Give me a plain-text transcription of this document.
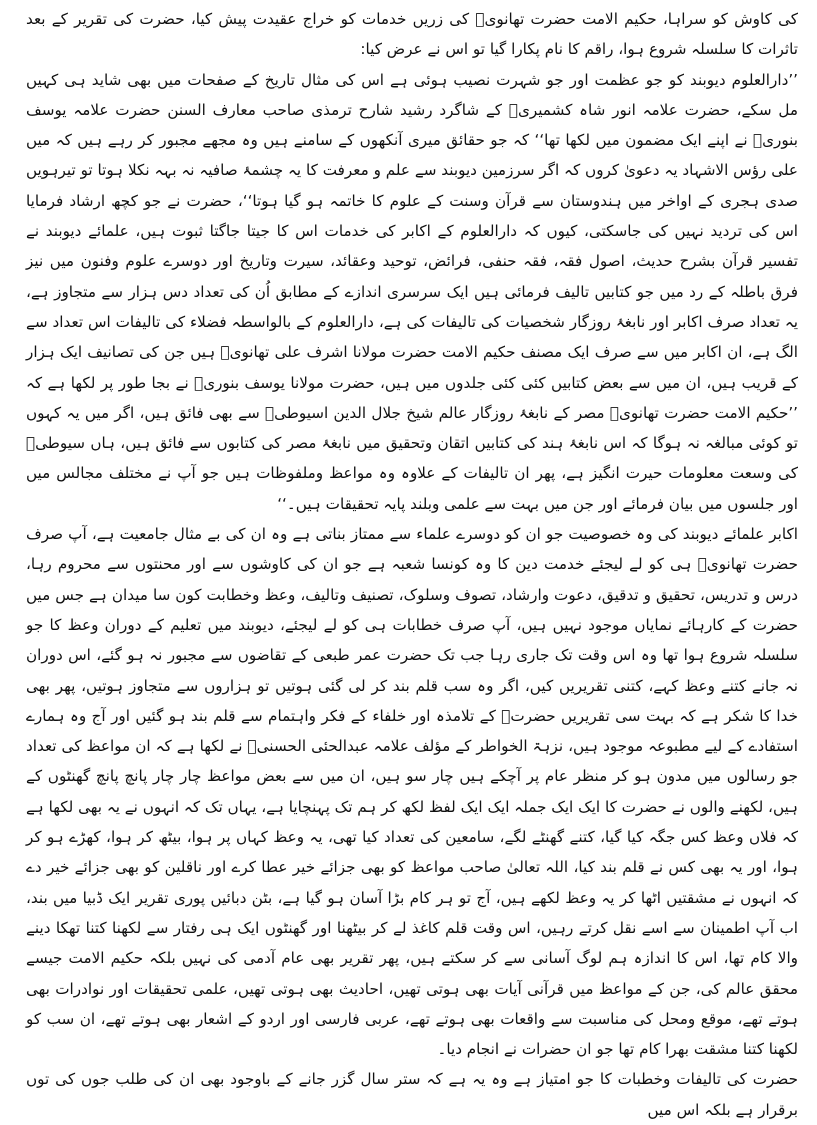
کی کاوش کو سراہا، حکیم الامت حضرت تھانویؒ کی زریں خدمات کو خراج عقیدت پیش کیا، حضرت کی تقریر کے بعد تاثرات کا سلسلہ شروع ہوا، راقم کا نام پکارا گیا تو اس نے عرض کیا:

’’دارالعلوم دیوبند کو جو عظمت اور جو شہرت نصیب ہوئی ہے اس کی مثال تاریخ کے صفحات میں بھی شاید ہی کہیں مل سکے، حضرت علامہ انور شاہ کشمیریؒ کے شاگرد رشید شارح ترمذی صاحب معارف السنن حضرت علامہ یوسف بنوریؒ نے اپنے ایک مضمون میں لکھا تھا‘‘ کہ جو حقائق میری آنکھوں کے سامنے ہیں وہ مجھے مجبور کر رہے ہیں کہ میں علی رؤس الاشہاد یہ دعویٰ کروں کہ اگر سرزمین دیوبند سے علم و معرفت کا یہ چشمۂ صافیہ نہ بہہ نکلا ہوتا تو تیرہویں صدی ہجری کے اواخر میں ہندوستان سے قرآن وسنت کے علوم کا خاتمہ ہو گیا ہوتا‘‘، حضرت نے جو کچھ ارشاد فرمایا اس کی تردید نہیں کی جاسکتی، کیوں کہ دارالعلوم کے اکابر کی خدمات اس کا جیتا جاگتا ثبوت ہیں، علمائے دیوبند نے تفسیر قرآن بشرح حدیث، اصول فقہ، فقہ حنفی، فرائض، توحید وعقائد، سیرت وتاریخ اور دوسرے علوم وفنون میں نیز فرق باطلہ کے رد میں جو کتابیں تالیف فرمائی ہیں ایک سرسری اندازے کے مطابق اُن کی تعداد دس ہزار سے متجاوز ہے، یہ تعداد صرف اکابر اور نابغۂ روزگار شخصیات کی تالیفات کی ہے، دارالعلوم کے بالواسطہ فضلاء کی تالیفات اس تعداد سے الگ ہے، ان اکابر میں سے صرف ایک مصنف حکیم الامت حضرت مولانا اشرف علی تھانویؒ ہیں جن کی تصانیف ایک ہزار کے قریب ہیں، ان میں سے بعض کتابیں کئی کئی جلدوں میں ہیں، حضرت مولانا یوسف بنوریؒ نے بجا طور پر لکھا ہے کہ ’’حکیم الامت حضرت تھانویؒ مصر کے نابغۂ روزگار عالم شیخ جلال الدین اسیوطیؒ سے بھی فائق ہیں، اگر میں یہ کہوں تو کوئی مبالغہ نہ ہوگا کہ اس نابغۂ ہند کی کتابیں اتقان وتحقیق میں نابغۂ مصر کی کتابوں سے فائق ہیں، ہاں سیوطیؒ کی وسعت معلومات حیرت انگیز ہے، پھر ان تالیفات کے علاوہ وہ مواعظ وملفوظات ہیں جو آپ نے مختلف مجالس میں اور جلسوں میں بیان فرمائے اور جن میں بہت سے علمی وبلند پایہ تحقیقات ہیں۔‘‘

اکابر علمائے دیوبند کی وہ خصوصیت جو ان کو دوسرے علماء سے ممتاز بناتی ہے وہ ان کی بے مثال جامعیت ہے، آپ صرف حضرت تھانویؒ ہی کو لے لیجئے خدمت دین کا وہ کونسا شعبہ ہے جو ان کی کاوشوں سے اور محنتوں سے محروم رہا، درس و تدریس، تحقیق و تدقیق، دعوت وارشاد، تصوف وسلوک، تصنیف وتالیف، وعظ وخطابت کون سا میدان ہے جس میں حضرت کے کارہائے نمایاں موجود نہیں ہیں، آپ صرف خطابات ہی کو لے لیجئے، دیوبند میں تعلیم کے دوران وعظ کا جو سلسلہ شروع ہوا تھا وہ اس وقت تک جاری رہا جب تک حضرت عمر طبعی کے تقاضوں سے مجبور نہ ہو گئے، اس دوران نہ جانے کتنے وعظ کہے، کتنی تقریریں کیں، اگر وہ سب قلم بند کر لی گئی ہوتیں تو ہزاروں سے متجاوز ہوتیں، پھر بھی خدا کا شکر ہے کہ بہت سی تقریریں حضرتؒ کے تلامذہ اور خلفاء کے فکر واہتمام سے قلم بند ہو گئیں اور آج وہ ہمارے استفادے کے لیے مطبوعہ موجود ہیں، نزہۃ الخواطر کے مؤلف علامہ عبدالحئی الحسنیؒ نے لکھا ہے کہ ان مواعظ کی تعداد جو رسالوں میں مدون ہو کر منظر عام پر آچکے ہیں چار سو ہیں، ان میں سے بعض مواعظ چار چار پانچ پانچ گھنٹوں کے ہیں، لکھنے والوں نے حضرت کا ایک ایک جملہ ایک ایک لفظ لکھ کر ہم تک پہنچایا ہے، یہاں تک کہ انہوں نے یہ بھی لکھا ہے کہ فلاں وعظ کس جگہ کیا گیا، کتنے گھنٹے لگے، سامعین کی تعداد کیا تھی، یہ وعظ کہاں پر ہوا، بیٹھ کر ہوا، کھڑے ہو کر ہوا، اور یہ بھی کس نے قلم بند کیا، اللہ تعالیٰ صاحب مواعظ کو بھی جزائے خیر عطا کرے اور ناقلین کو بھی جزائے خیر دے کہ انہوں نے مشقتیں اٹھا کر یہ وعظ لکھے ہیں، آج تو ہر کام بڑا آسان ہو گیا ہے، بٹن دبائیں پوری تقریر ایک ڈبیا میں بند، اب آپ اطمینان سے اسے نقل کرتے رہیں، اس وقت قلم کاغذ لے کر بیٹھنا اور گھنٹوں ایک ہی رفتار سے لکھنا کتنا تھکا دینے والا کام تھا، اس کا اندازہ ہم لوگ آسانی سے کر سکتے ہیں، پھر تقریر بھی عام آدمی کی نہیں بلکہ حکیم الامت جیسے محقق عالم کی، جن کے مواعظ میں قرآنی آیات بھی ہوتی تھیں، احادیث بھی ہوتی تھیں، علمی تحقیقات اور نوادرات بھی ہوتے تھے، موقع ومحل کی مناسبت سے واقعات بھی ہوتے تھے، عربی فارسی اور اردو کے اشعار بھی ہوتے تھے، ان سب کو لکھنا کتنا مشقت بھرا کام تھا جو ان حضرات نے انجام دیا۔

حضرت کی تالیفات وخطبات کا جو امتیاز ہے وہ یہ ہے کہ ستر سال گزر جانے کے باوجود بھی ان کی طلب جوں کی توں برقرار ہے بلکہ اس میں
